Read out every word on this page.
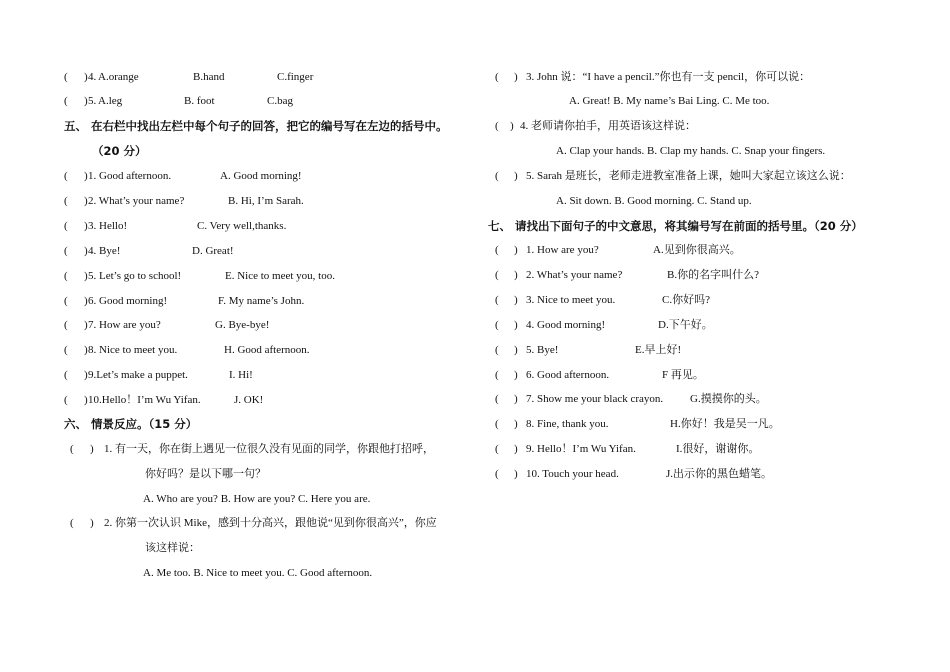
( ) 4. A.orange	B.hand	C.finger
( ) 5. A.leg	B. foot	C.bag
五、 在右栏中找出左栏中每个句子的回答，把它的编号写在左边的括号中。
（20 分）
( ) 1. Good afternoon.	A. Good morning!
( ) 2. What’s your name?	B. Hi, I’m Sarah.
( ) 3. Hello!	C. Very well,thanks.
( ) 4. Bye!	D. Great!
( ) 5. Let’s go to school!	E. Nice to meet you, too.
( ) 6. Good morning!	F. My name’s John.
( ) 7. How are you?	G. Bye-bye!
( ) 8. Nice to meet you.	H. Good afternoon.
( ) 9.Let’s make a puppet.	I. Hi!
( ) 10.Hello！I’m Wu Yifan.	J. OK!
六、 情景反应。（15 分）
( ) 1. 有一天，你在街上遇见一位很久没有见面的同学，你跟他打招呼，
你好吗？是以下哪一句？
A. Who are you? B. How are you? C. Here you are.
( ) 2. 你第一次认识 Mike，感到十分高兴，跟他说“见到你很高兴”，你应
该这样说：
A. Me too. B. Nice to meet you. C. Good afternoon.
( ) 3. John 说：“I have a pencil.”你也有一支 pencil，你可以说：
A. Great! B. My name’s Bai Ling. C. Me too.
( ) 4. 老师请你拍手，用英语该这样说：
A. Clap your hands. B. Clap my hands. C. Snap your fingers.
( ) 5. Sarah 是班长，老师走进教室准备上课，她叫大家起立该这么说：
A. Sit down. B. Good morning. C. Stand up.
七、 请找出下面句子的中文意思，将其编号写在前面的括号里。（20 分）
( ) 1. How are you?	A.见到你很高兴。
( ) 2. What’s your name?	B.你的名字叫什么?
( ) 3. Nice to meet you.	C.你好吗?
( ) 4. Good morning!	D.下午好。
( ) 5. Bye!	E.早上好!
( ) 6. Good afternoon.	F 再见。
( ) 7. Show me your black crayon. G.摸摸你的头。
( ) 8. Fine, thank you.	H.你好！我是吴一凡。
( ) 9. Hello！I’m Wu Yifan.	I.很好，谢谢你。
( ) 10. Touch your head.	J.出示你的黑色蜡笔。
